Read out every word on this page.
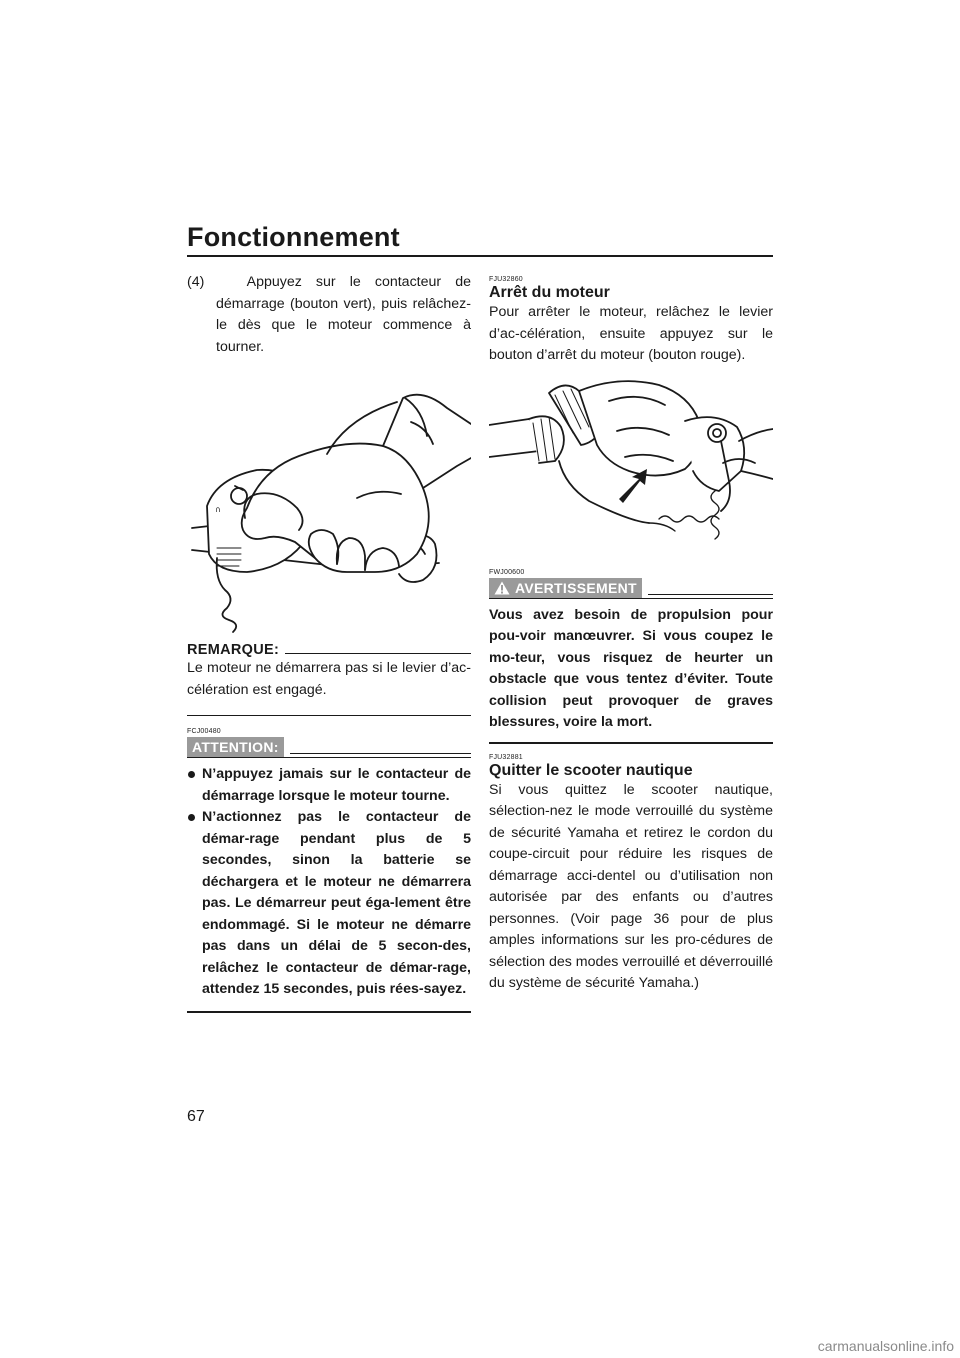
Fonctionnement

(4)	Appuyez sur le contacteur de démarrage (bouton vert), puis relâchez-le dès que le moteur commence à tourner.

∩
REMARQUE:

Le moteur ne démarrera pas si le levier d’ac-célération est engagé.

FCJ00480
ATTENTION:
N’appuyez jamais sur le contacteur de démarrage lorsque le moteur tourne.
N’actionnez pas le contacteur de démar-rage pendant plus de 5 secondes, sinon la batterie se déchargera et le moteur ne démarrera pas. Le démarreur peut éga-lement être endommagé. Si le moteur ne démarre pas dans un délai de 5 secon-des, relâchez le contacteur de démar-rage, attendez 15 secondes, puis rées-sayez.
FJU32860
Arrêt du moteur

Pour arrêter le moteur, relâchez le levier d’ac-célération, ensuite appuyez sur le bouton d’arrêt du moteur (bouton rouge).

FWJ00600
AVERTISSEMENT

Vous avez besoin de propulsion pour pou-voir manœuvrer. Si vous coupez le mo-teur, vous risquez de heurter un obstacle que vous tentez d’éviter. Toute collision peut provoquer de graves blessures, voire la mort.

FJU32881
Quitter le scooter nautique

Si vous quittez le scooter nautique, sélection-nez le mode verrouillé du système de sécurité Yamaha et retirez le cordon du coupe-circuit pour réduire les risques de démarrage acci-dentel ou d’utilisation non autorisée par des enfants ou d’autres personnes. (Voir page 36 pour de plus amples informations sur les pro-cédures de sélection des modes verrouillé et déverrouillé du système de sécurité Yamaha.)

67
carmanualsonline.info
